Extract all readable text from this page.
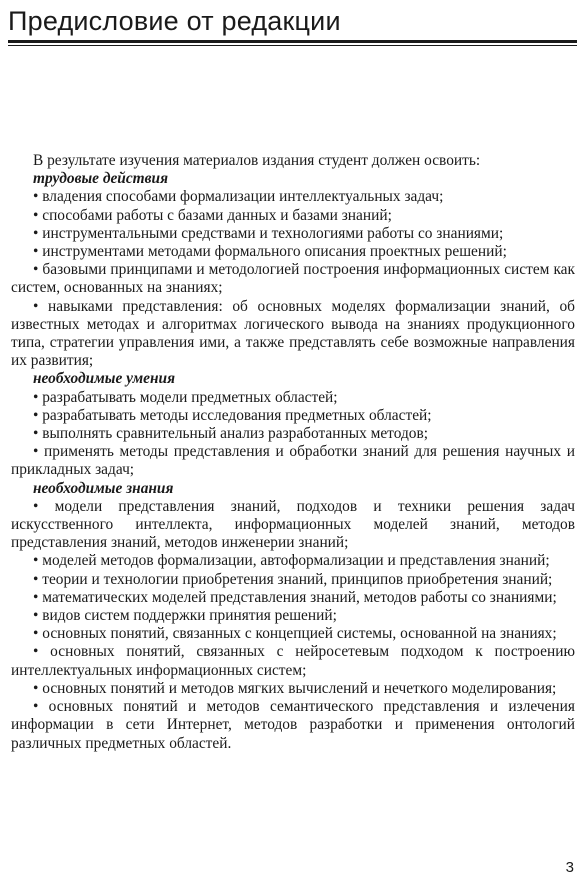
Предисловие от редакции

В результате изучения материалов издания студент должен освоить:

трудовые действия

• владения способами формализации интеллектуальных задач;

• способами работы с базами данных и базами знаний;

• инструментальными средствами и технологиями работы со знаниями;

• инструментами методами формального описания проектных решений;

• базовыми принципами и методологией построения информационных систем как систем, основанных на знаниях;

• навыками представления: об основных моделях формализации знаний, об известных методах и алгоритмах логического вывода на знаниях продукционного типа, стратегии управления ими, а также представлять себе возможные направления их развития;

необходимые умения

• разрабатывать модели предметных областей;

• разрабатывать методы исследования предметных областей;

• выполнять сравнительный анализ разработанных методов;

• применять методы представления и обработки знаний для решения научных и прикладных задач;

необходимые знания

• модели представления знаний, подходов и техники решения задач искусственного интеллекта, информационных моделей знаний, методов представления знаний, методов инженерии знаний;

• моделей методов формализации, автоформализации и представления знаний;

• теории и технологии приобретения знаний, принципов приобретения знаний;

• математических моделей представления знаний, методов работы со знаниями;

• видов систем поддержки принятия решений;

• основных понятий, связанных с концепцией системы, основанной на знаниях;

• основных понятий, связанных с нейросетевым подходом к построению интеллектуальных информационных систем;

• основных понятий и методов мягких вычислений и нечеткого моделирования;

• основных понятий и методов семантического представления и излечения информации в сети Интернет, методов разработки и применения онтологий различных предметных областей.

3
